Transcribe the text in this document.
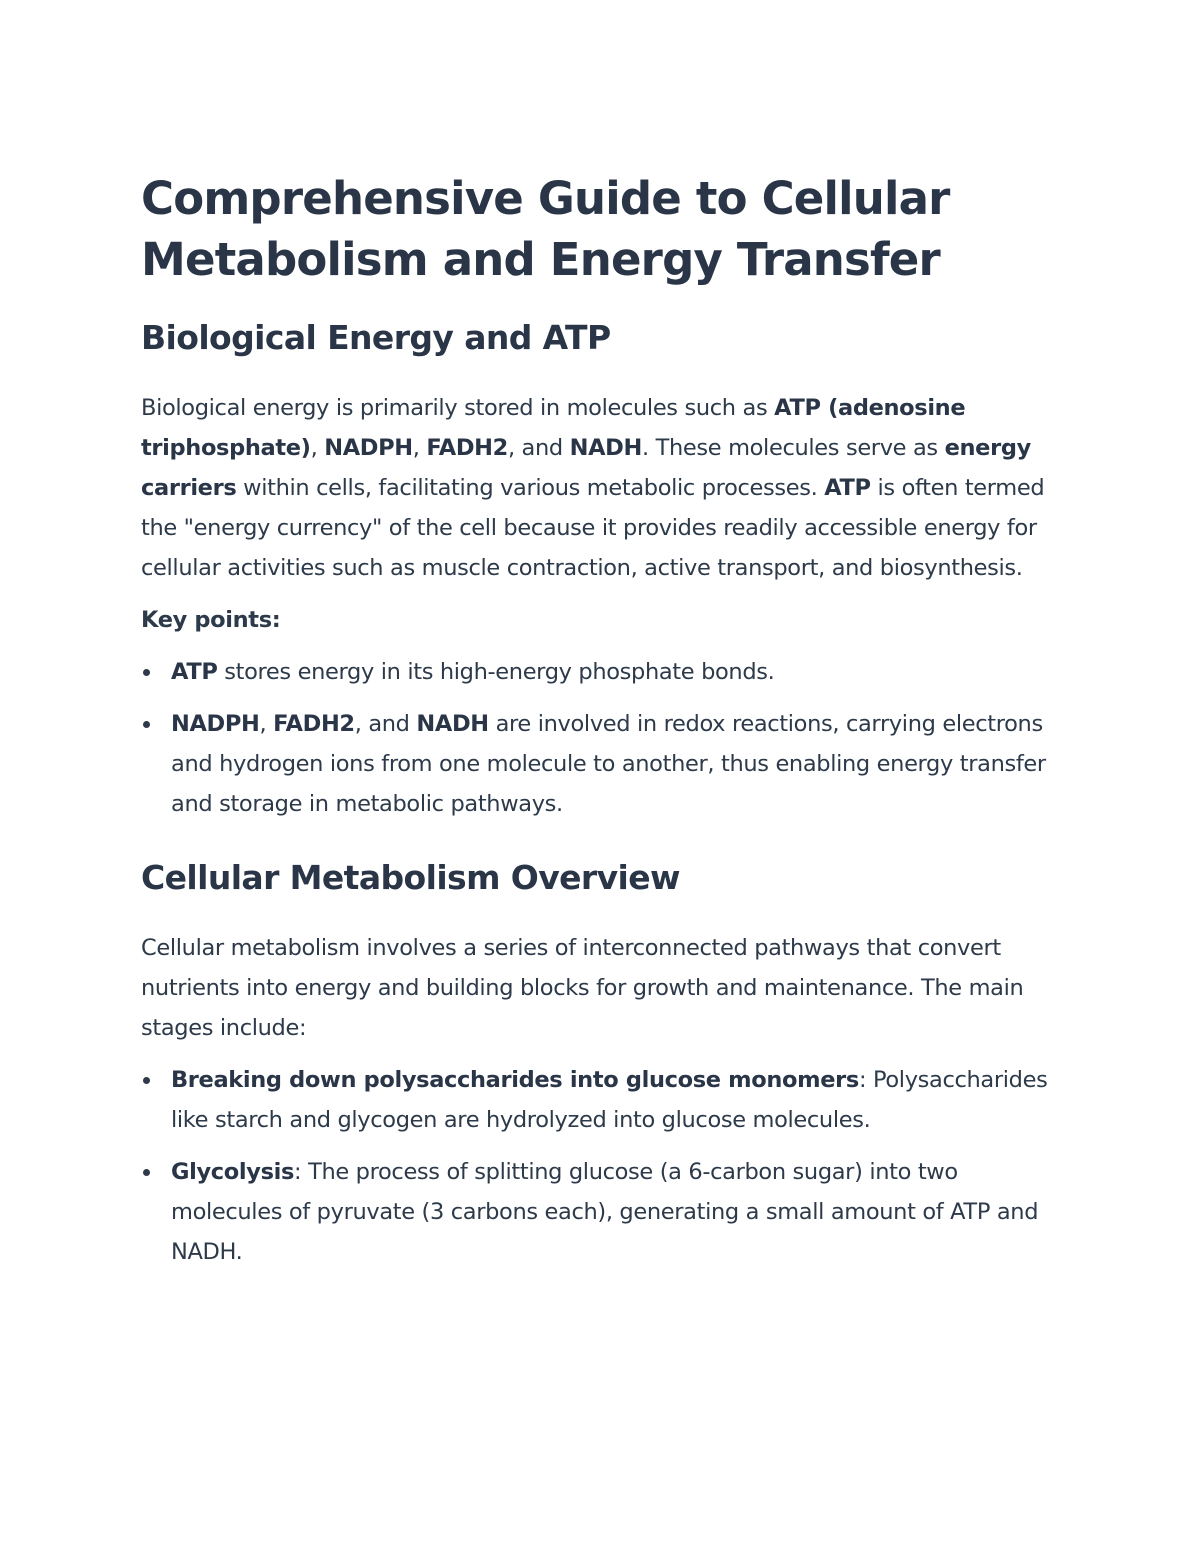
Comprehensive Guide to Cellular Metabolism and Energy Transfer
Biological Energy and ATP

Biological energy is primarily stored in molecules such as ATP (adenosine triphosphate), NADPH, FADH2, and NADH. These molecules serve as energy carriers within cells, facilitating various metabolic processes. ATP is often termed the "energy currency" of the cell because it provides readily accessible energy for cellular activities such as muscle contraction, active transport, and biosynthesis.

Key points:

ATP stores energy in its high-energy phosphate bonds.
NADPH, FADH2, and NADH are involved in redox reactions, carrying electrons and hydrogen ions from one molecule to another, thus enabling energy transfer and storage in metabolic pathways.
Cellular Metabolism Overview

Cellular metabolism involves a series of interconnected pathways that convert nutrients into energy and building blocks for growth and maintenance. The main stages include:

Breaking down polysaccharides into glucose monomers: Polysaccharides like starch and glycogen are hydrolyzed into glucose molecules.
Glycolysis: The process of splitting glucose (a 6-carbon sugar) into two molecules of pyruvate (3 carbons each), generating a small amount of ATP and NADH.
